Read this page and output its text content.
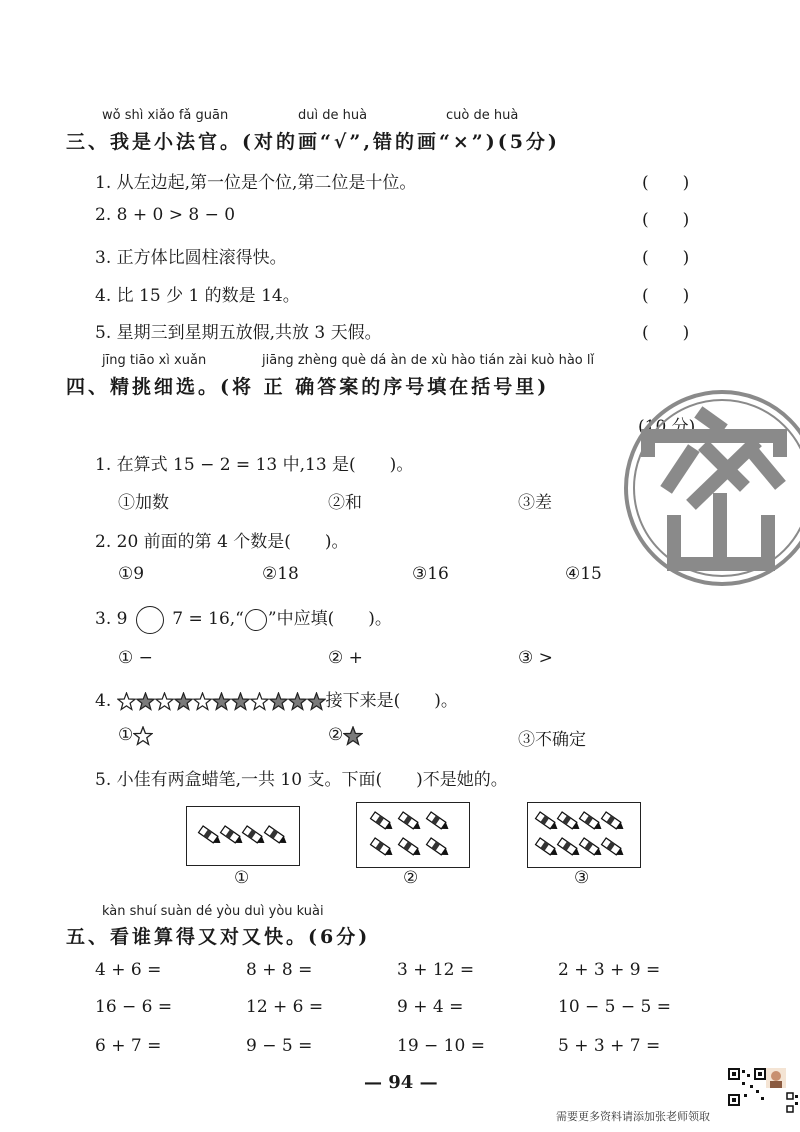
wǒ shì xiǎo fǎ guān	duì de huà	cuò de huà
三、我是小法官。(对的画“√”,错的画“×”)(5分)
1. 从左边起,第一位是个位,第二位是十位。	(　　)
2. 8 + 0 > 8 − 0	(　　)
3. 正方体比圆柱滚得快。	(　　)
4. 比 15 少 1 的数是 14。	(　　)
5. 星期三到星期五放假,共放 3 天假。	(　　)
jīng tiāo xì xuǎn	jiāng zhèng què dá àn de xù hào tián zài kuò hào lǐ
四、精挑细选。(将 正 确答案的序号填在括号里)
(10 分)
1. 在算式 15 − 2 = 13 中,13 是(　　)。
①加数	②和	③差
2. 20 前面的第 4 个数是(　　)。
①9	②18	③16	④15
3. 9	7 = 16,“ ”中应填(　　)。
① −	② +	③ >
4.	接下来是(　　)。
①	②	③不确定
5. 小佳有两盒蜡笔,一共 10 支。下面(　　)不是她的。
①	②	③
kàn shuí suàn dé yòu duì yòu kuài
五、看谁算得又对又快。(6分)
4 + 6 =	8 + 8 =	3 + 12 =	2 + 3 + 9 =
16 − 6 =	12 + 6 =	9 + 4 =	10 − 5 − 5 =
6 + 7 =	9 − 5 =	19 − 10 =	5 + 3 + 7 =
— 94 —
需要更多资料请添加张老师领取
